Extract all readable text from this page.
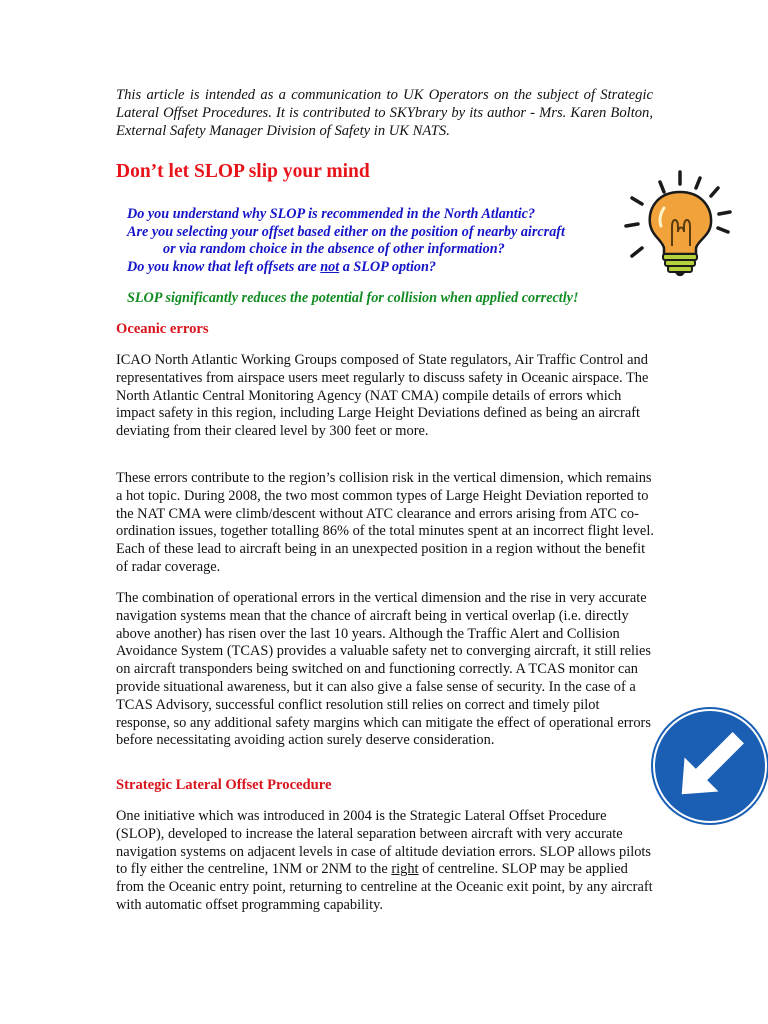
This article is intended as a communication to UK Operators on the subject of Strategic Lateral Offset Procedures. It is contributed to SKYbrary by its author - Mrs. Karen Bolton, External Safety Manager Division of Safety in UK NATS.

Don’t let SLOP slip your mind
Do you understand why SLOP is recommended in the North Atlantic?
Are you selecting your offset based either on the position of nearby aircraft
or via random choice in the absence of other information?
Do you know that left offsets are not a SLOP option?

SLOP significantly reduces the potential for collision when applied correctly!

Oceanic errors

ICAO North Atlantic Working Groups composed of State regulators, Air Traffic Control and representatives from airspace users meet regularly to discuss safety in Oceanic airspace. The North Atlantic Central Monitoring Agency (NAT CMA) compile details of errors which impact safety in this region, including Large Height Deviations defined as being an aircraft deviating from their cleared level by 300 feet or more.

These errors contribute to the region’s collision risk in the vertical dimension, which remains a hot topic. During 2008, the two most common types of Large Height Deviation reported to the NAT CMA were climb/descent without ATC clearance and errors arising from ATC co-ordination issues, together totalling 86% of the total minutes spent at an incorrect flight level. Each of these lead to aircraft being in an unexpected position in a region without the benefit of radar coverage.

The combination of operational errors in the vertical dimension and the rise in very accurate navigation systems mean that the chance of aircraft being in vertical overlap (i.e. directly above another) has risen over the last 10 years. Although the Traffic Alert and Collision Avoidance System (TCAS) provides a valuable safety net to converging aircraft, it still relies on aircraft transponders being switched on and functioning correctly. A TCAS monitor can provide situational awareness, but it can also give a false sense of security. In the case of a TCAS Advisory, successful conflict resolution still relies on correct and timely pilot response, so any additional safety margins which can mitigate the effect of operational errors before necessitating avoiding action surely deserve consideration.

Strategic Lateral Offset Procedure

One initiative which was introduced in 2004 is the Strategic Lateral Offset Procedure (SLOP), developed to increase the lateral separation between aircraft with very accurate navigation systems on adjacent levels in case of altitude deviation errors. SLOP allows pilots to fly either the centreline, 1NM or 2NM to the right of centreline. SLOP may be applied from the Oceanic entry point, returning to centreline at the Oceanic exit point, by any aircraft with automatic offset programming capability.
